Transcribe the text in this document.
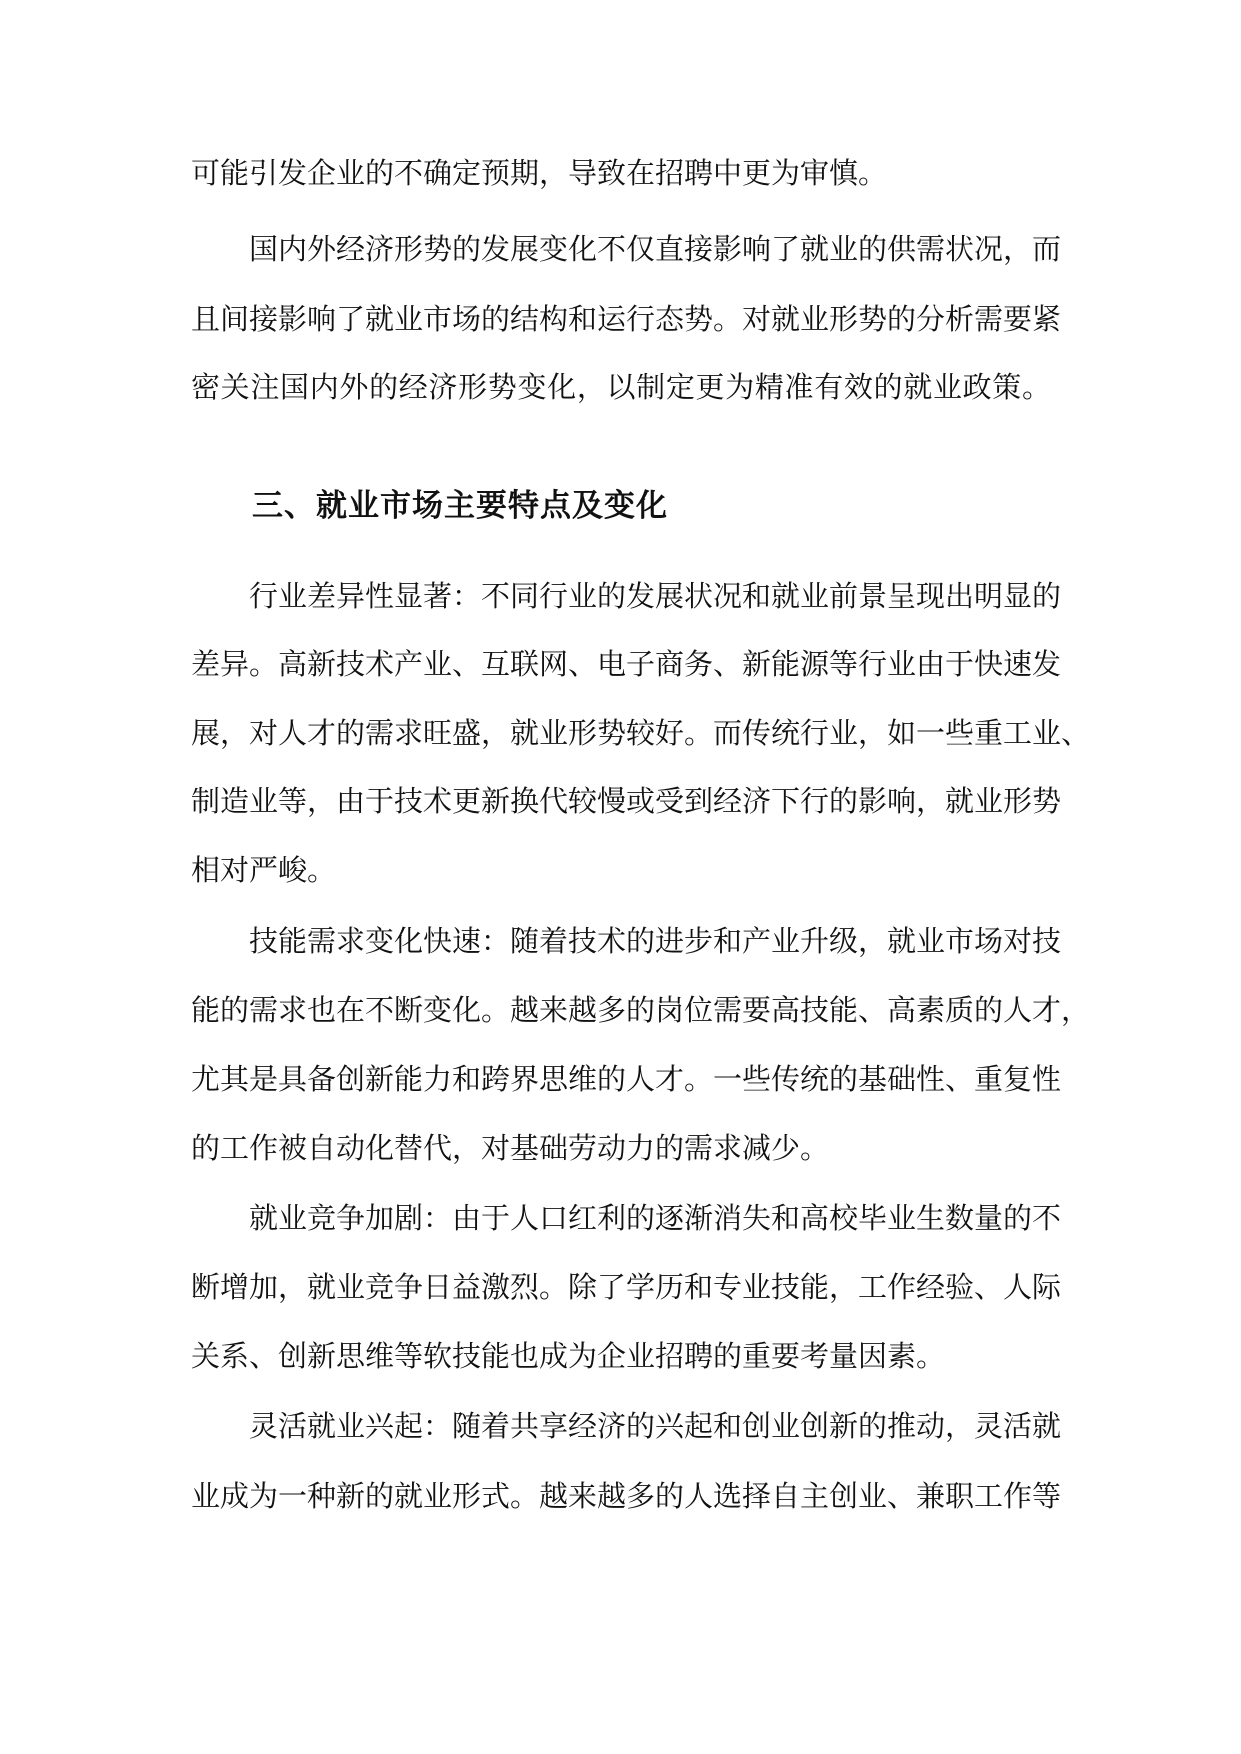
可能引发企业的不确定预期，导致在招聘中更为审慎。
国内外经济形势的发展变化不仅直接影响了就业的供需状况，而
且间接影响了就业市场的结构和运行态势。对就业形势的分析需要紧
密关注国内外的经济形势变化，以制定更为精准有效的就业政策。
三、就业市场主要特点及变化
行业差异性显著：不同行业的发展状况和就业前景呈现出明显的
差异。高新技术产业、互联网、电子商务、新能源等行业由于快速发
展，对人才的需求旺盛，就业形势较好。而传统行业，如一些重工业、
制造业等，由于技术更新换代较慢或受到经济下行的影响，就业形势
相对严峻。
技能需求变化快速：随着技术的进步和产业升级，就业市场对技
能的需求也在不断变化。越来越多的岗位需要高技能、高素质的人才，
尤其是具备创新能力和跨界思维的人才。一些传统的基础性、重复性
的工作被自动化替代，对基础劳动力的需求减少。
就业竞争加剧：由于人口红利的逐渐消失和高校毕业生数量的不
断增加，就业竞争日益激烈。除了学历和专业技能，工作经验、人际
关系、创新思维等软技能也成为企业招聘的重要考量因素。
灵活就业兴起：随着共享经济的兴起和创业创新的推动，灵活就
业成为一种新的就业形式。越来越多的人选择自主创业、兼职工作等
